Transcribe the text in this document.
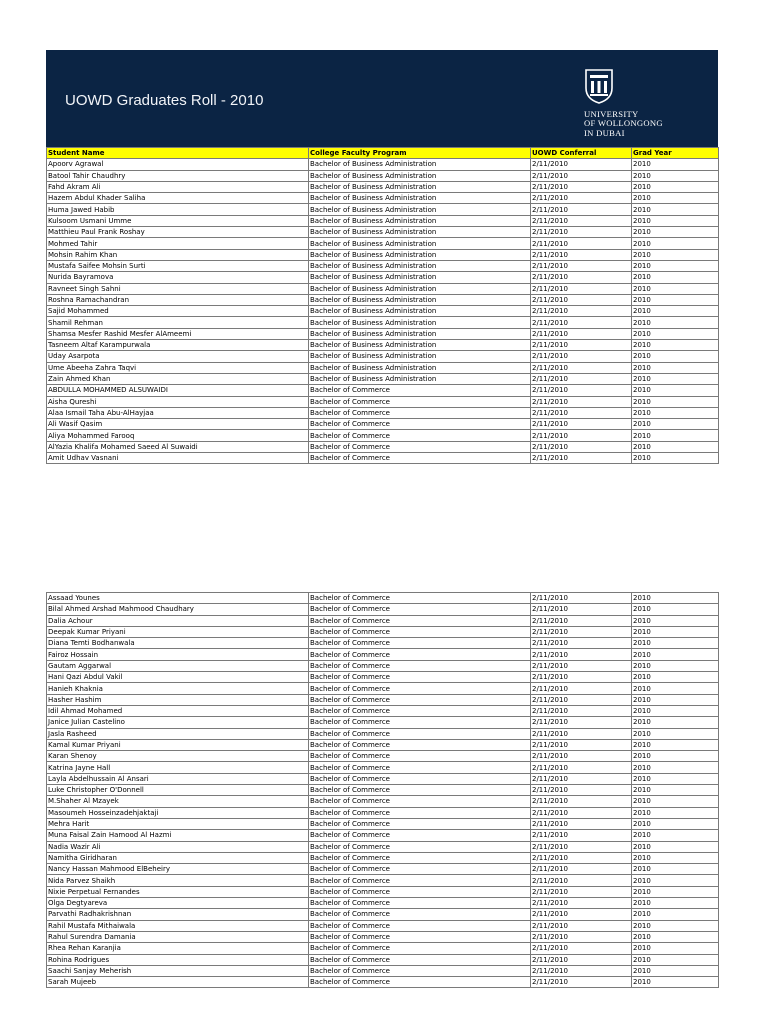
UOWD Graduates Roll - 2010
UNIVERSITY
OF WOLLONGONG
IN DUBAI
Student Name	College Faculty Program	UOWD Conferral	Grad Year
Apoorv Agrawal	Bachelor of Business Administration	2/11/2010	2010
Batool Tahir Chaudhry	Bachelor of Business Administration	2/11/2010	2010
Fahd Akram Ali	Bachelor of Business Administration	2/11/2010	2010
Hazem Abdul Khader Saliha	Bachelor of Business Administration	2/11/2010	2010
Huma Jawed Habib	Bachelor of Business Administration	2/11/2010	2010
Kulsoom Usmani Umme	Bachelor of Business Administration	2/11/2010	2010
Matthieu Paul Frank Roshay	Bachelor of Business Administration	2/11/2010	2010
Mohmed Tahir	Bachelor of Business Administration	2/11/2010	2010
Mohsin Rahim Khan	Bachelor of Business Administration	2/11/2010	2010
Mustafa Saifee Mohsin Surti	Bachelor of Business Administration	2/11/2010	2010
Nurida Bayramova	Bachelor of Business Administration	2/11/2010	2010
Ravneet Singh Sahni	Bachelor of Business Administration	2/11/2010	2010
Roshna Ramachandran	Bachelor of Business Administration	2/11/2010	2010
Sajid Mohammed	Bachelor of Business Administration	2/11/2010	2010
Shamil Rehman	Bachelor of Business Administration	2/11/2010	2010
Shamsa Mesfer Rashid Mesfer AlAmeemi	Bachelor of Business Administration	2/11/2010	2010
Tasneem Altaf Karampurwala	Bachelor of Business Administration	2/11/2010	2010
Uday Asarpota	Bachelor of Business Administration	2/11/2010	2010
Ume Abeeha Zahra Taqvi	Bachelor of Business Administration	2/11/2010	2010
Zain Ahmed Khan	Bachelor of Business Administration	2/11/2010	2010
ABDULLA MOHAMMED ALSUWAIDI	Bachelor of Commerce	2/11/2010	2010
Aisha Qureshi	Bachelor of Commerce	2/11/2010	2010
Alaa Ismail Taha Abu-AlHayjaa	Bachelor of Commerce	2/11/2010	2010
Ali Wasif Qasim	Bachelor of Commerce	2/11/2010	2010
Aliya Mohammed Farooq	Bachelor of Commerce	2/11/2010	2010
AlYazia Khalifa Mohamed Saeed Al Suwaidi	Bachelor of Commerce	2/11/2010	2010
Amit Udhav Vasnani	Bachelor of Commerce	2/11/2010	2010
Assaad Younes	Bachelor of Commerce	2/11/2010	2010
Bilal Ahmed Arshad Mahmood Chaudhary	Bachelor of Commerce	2/11/2010	2010
Dalia Achour	Bachelor of Commerce	2/11/2010	2010
Deepak Kumar Priyani	Bachelor of Commerce	2/11/2010	2010
Diana Temti Bodhanwala	Bachelor of Commerce	2/11/2010	2010
Fairoz Hossain	Bachelor of Commerce	2/11/2010	2010
Gautam Aggarwal	Bachelor of Commerce	2/11/2010	2010
Hani Qazi Abdul Vakil	Bachelor of Commerce	2/11/2010	2010
Hanieh Khaknia	Bachelor of Commerce	2/11/2010	2010
Hasher Hashim	Bachelor of Commerce	2/11/2010	2010
Idil Ahmad Mohamed	Bachelor of Commerce	2/11/2010	2010
Janice Julian Castelino	Bachelor of Commerce	2/11/2010	2010
Jasla Rasheed	Bachelor of Commerce	2/11/2010	2010
Kamal Kumar Priyani	Bachelor of Commerce	2/11/2010	2010
Karan Shenoy	Bachelor of Commerce	2/11/2010	2010
Katrina Jayne Hall	Bachelor of Commerce	2/11/2010	2010
Layla Abdelhussain Al Ansari	Bachelor of Commerce	2/11/2010	2010
Luke Christopher O'Donnell	Bachelor of Commerce	2/11/2010	2010
M.Shaher Al Mzayek	Bachelor of Commerce	2/11/2010	2010
Masoumeh Hosseinzadehjaktaji	Bachelor of Commerce	2/11/2010	2010
Mehra Harit	Bachelor of Commerce	2/11/2010	2010
Muna Faisal Zain Hamood Al Hazmi	Bachelor of Commerce	2/11/2010	2010
Nadia Wazir Ali	Bachelor of Commerce	2/11/2010	2010
Namitha Giridharan	Bachelor of Commerce	2/11/2010	2010
Nancy Hassan Mahmood ElBeheiry	Bachelor of Commerce	2/11/2010	2010
Nida Parvez Shaikh	Bachelor of Commerce	2/11/2010	2010
Nixie Perpetual Fernandes	Bachelor of Commerce	2/11/2010	2010
Olga Degtyareva	Bachelor of Commerce	2/11/2010	2010
Parvathi Radhakrishnan	Bachelor of Commerce	2/11/2010	2010
Rahil Mustafa Mithaiwala	Bachelor of Commerce	2/11/2010	2010
Rahul Surendra Damania	Bachelor of Commerce	2/11/2010	2010
Rhea Rehan Karanjia	Bachelor of Commerce	2/11/2010	2010
Rohina Rodrigues	Bachelor of Commerce	2/11/2010	2010
Saachi Sanjay Meherish	Bachelor of Commerce	2/11/2010	2010
Sarah Mujeeb	Bachelor of Commerce	2/11/2010	2010
